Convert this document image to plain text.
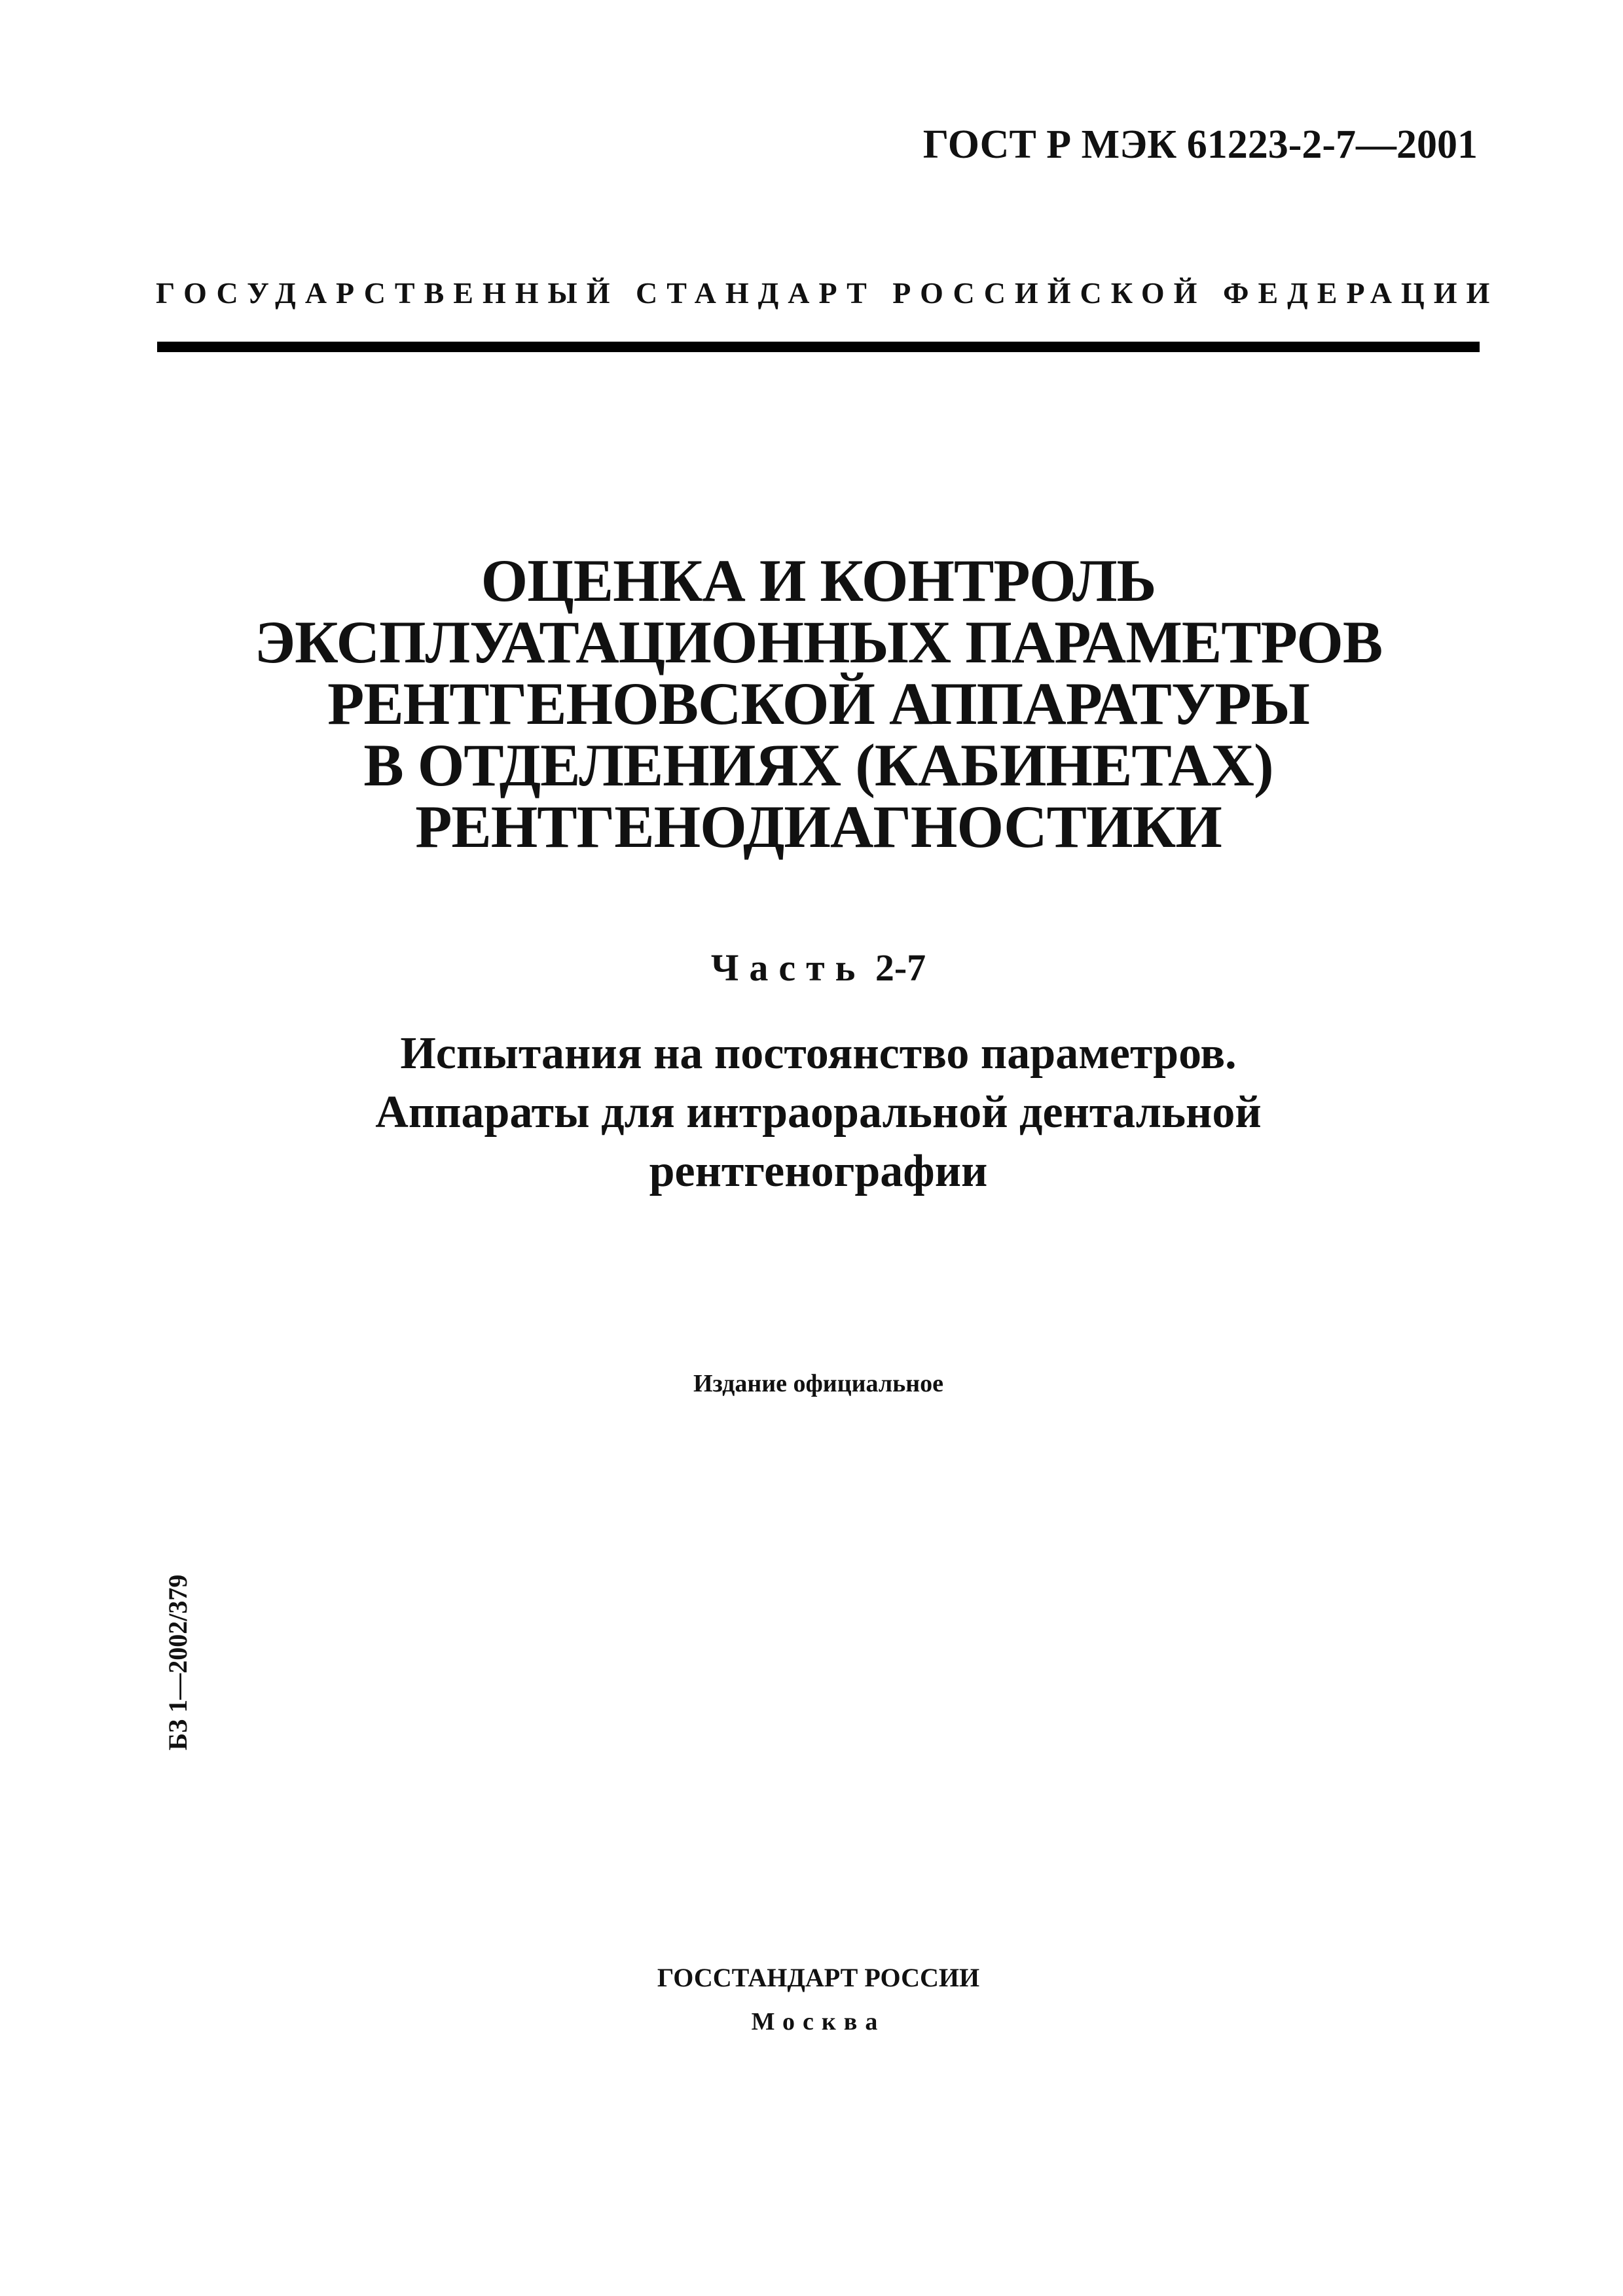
ГОСТ Р МЭК 61223-2-7—2001
ГОСУДАРСТВЕННЫЙ СТАНДАРТ РОССИЙСКОЙ ФЕДЕРАЦИИ
ОЦЕНКА И КОНТРОЛЬ
ЭКСПЛУАТАЦИОННЫХ ПАРАМЕТРОВ
РЕНТГЕНОВСКОЙ АППАРАТУРЫ
В ОТДЕЛЕНИЯХ (КАБИНЕТАХ)
РЕНТГЕНОДИАГНОСТИКИ
Часть 2-7
Испытания на постоянство параметров.
Аппараты для интраоральной дентальной
рентгенографии
Издание официальное
БЗ 1—2002/379
ГОССТАНДАРТ РОССИИ
Москва
